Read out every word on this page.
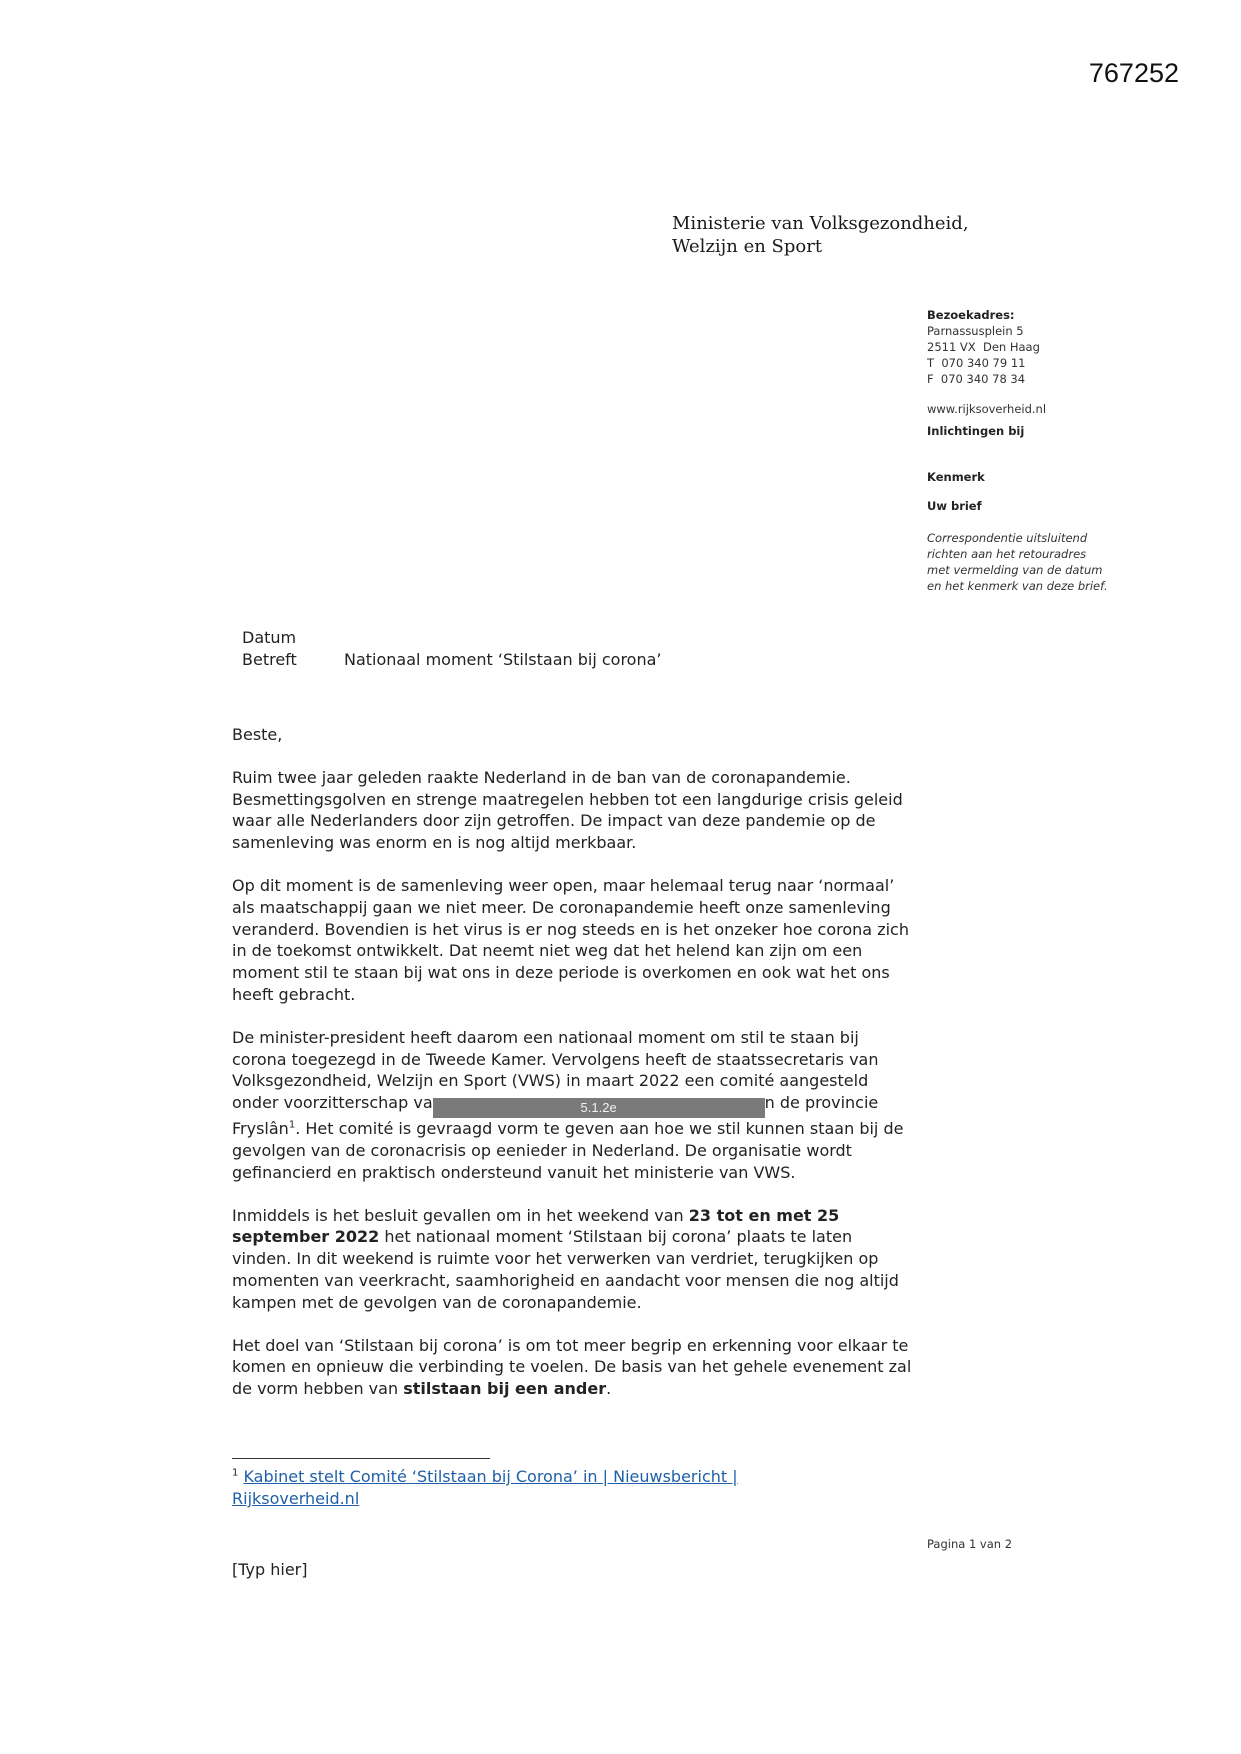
767252
Ministerie van Volksgezondheid,
Welzijn en Sport
Bezoekadres:
Parnassusplein 5
2511 VX  Den Haag
T  070 340 79 11
F  070 340 78 34
www.rijksoverheid.nl
Inlichtingen bij
Kenmerk
Uw brief
Correspondentie uitsluitend richten aan het retouradres met vermelding van de datum en het kenmerk van deze brief.
Datum
Betreft	Nationaal moment ‘Stilstaan bij corona’

Beste,

Ruim twee jaar geleden raakte Nederland in de ban van de coronapandemie. Besmettingsgolven en strenge maatregelen hebben tot een langdurige crisis geleid waar alle Nederlanders door zijn getroffen. De impact van deze pandemie op de samenleving was enorm en is nog altijd merkbaar.

Op dit moment is de samenleving weer open, maar helemaal terug naar ‘normaal’ als maatschappij gaan we niet meer. De coronapandemie heeft onze samenleving veranderd. Bovendien is het virus is er nog steeds en is het onzeker hoe corona zich in de toekomst ontwikkelt. Dat neemt niet weg dat het helend kan zijn om een moment stil te staan bij wat ons in deze periode is overkomen en ook wat het ons heeft gebracht.

De minister-president heeft daarom een nationaal moment om stil te staan bij corona toegezegd in de Tweede Kamer. Vervolgens heeft de staatssecretaris van Volksgezondheid, Welzijn en Sport (VWS) in maart 2022 een comité aangesteld onder voorzitterschap va	5.1.2e	n de provincie Fryslân$^1$. Het comité is gevraagd vorm te geven aan hoe we stil kunnen staan bij de gevolgen van de coronacrisis op eenieder in Nederland. De organisatie wordt gefinancierd en praktisch ondersteund vanuit het ministerie van VWS.

Inmiddels is het besluit gevallen om in het weekend van 23 tot en met 25 september 2022 het nationaal moment ‘Stilstaan bij corona’ plaats te laten vinden. In dit weekend is ruimte voor het verwerken van verdriet, terugkijken op momenten van veerkracht, saamhorigheid en aandacht voor mensen die nog altijd kampen met de gevolgen van de coronapandemie.

Het doel van ‘Stilstaan bij corona’ is om tot meer begrip en erkenning voor elkaar te komen en opnieuw die verbinding te voelen. De basis van het gehele evenement zal de vorm hebben van stilstaan bij een ander.

$^1$ Kabinet stelt Comité ‘Stilstaan bij Corona’ in | Nieuwsbericht | Rijksoverheid.nl
Pagina 1 van 2
[Typ hier]
